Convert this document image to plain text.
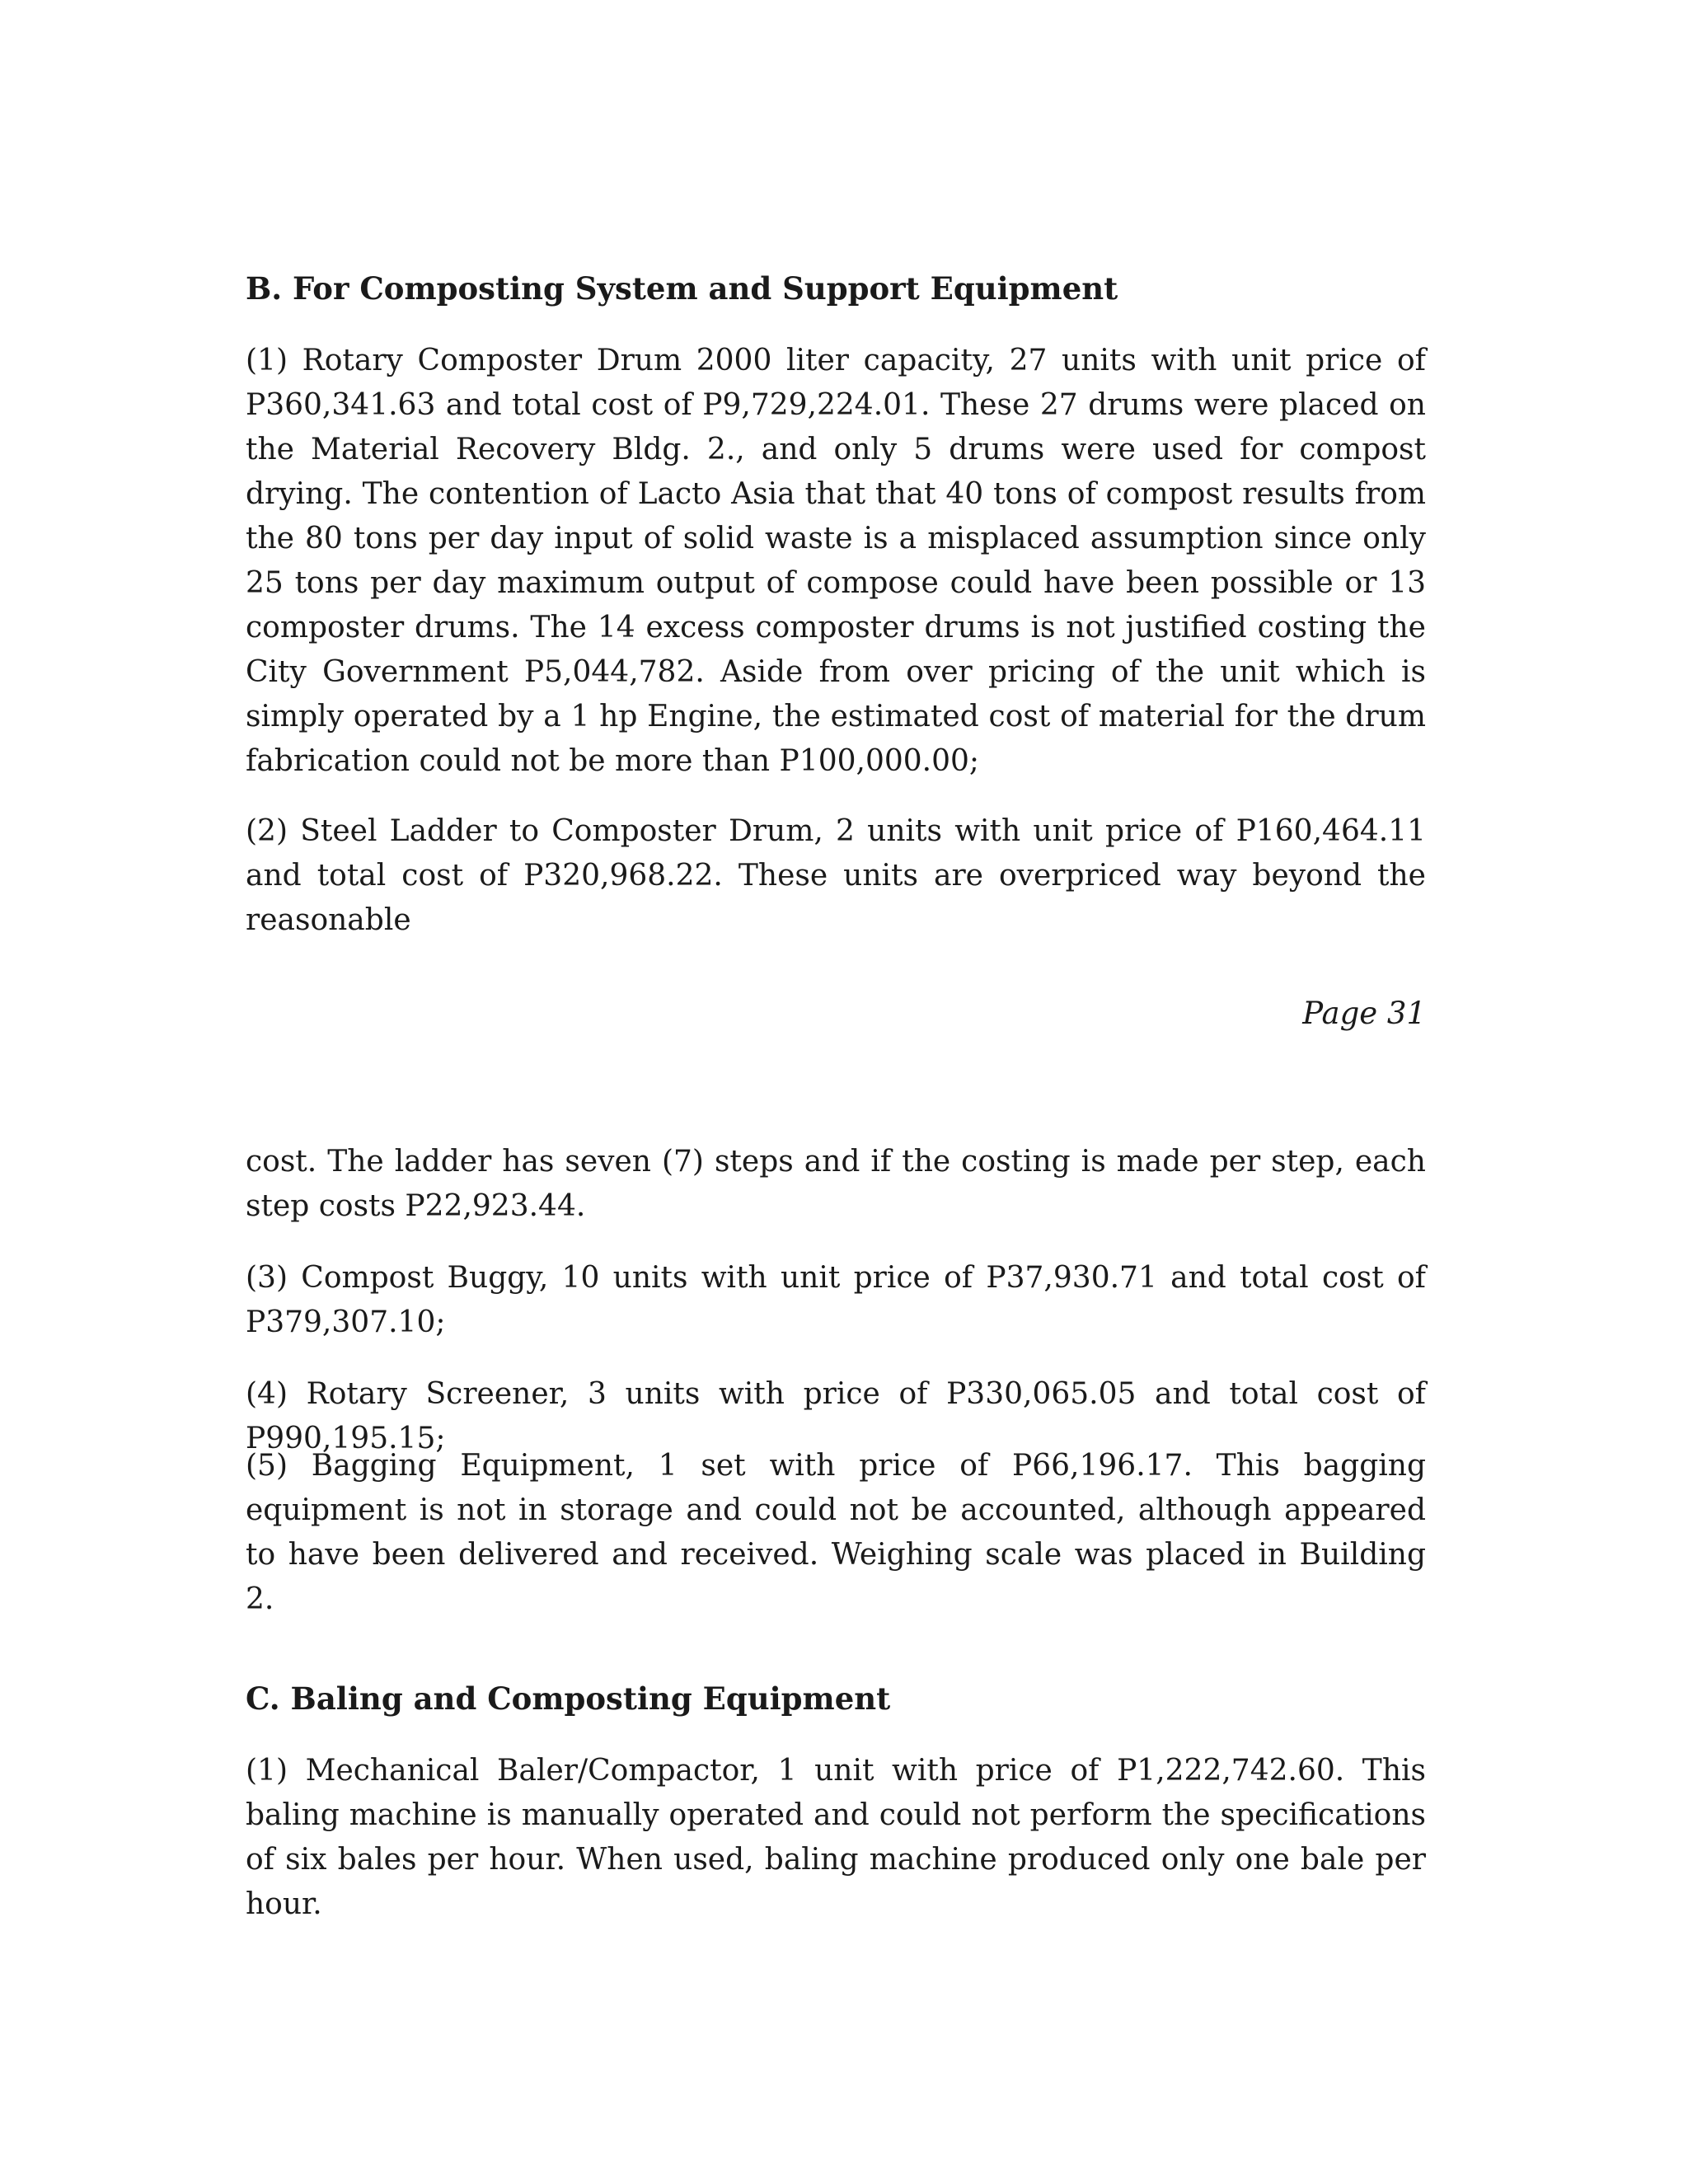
B. For Composting System and Support Equipment

(1) Rotary Composter Drum 2000 liter capacity, 27 units with unit price of P360,341.63 and total cost of P9,729,224.01. These 27 drums were placed on the Material Recovery Bldg. 2., and only 5 drums were used for compost drying. The contention of Lacto Asia that that 40 tons of compost results from the 80 tons per day input of solid waste is a misplaced assumption since only 25 tons per day maximum output of compose could have been possible or 13 composter drums. The 14 excess composter drums is not justified costing the City Government P5,044,782. Aside from over pricing of the unit which is simply operated by a 1 hp Engine, the estimated cost of material for the drum fabrication could not be more than P100,000.00;

(2) Steel Ladder to Composter Drum, 2 units with unit price of P160,464.11 and total cost of P320,968.22. These units are overpriced way beyond the reasonable

Page 31

cost. The ladder has seven (7) steps and if the costing is made per step, each step costs P22,923.44.

(3) Compost Buggy, 10 units with unit price of P37,930.71 and total cost of P379,307.10;

(4) Rotary Screener, 3 units with price of P330,065.05 and total cost of P990,195.15;

(5) Bagging Equipment, 1 set with price of P66,196.17. This bagging equipment is not in storage and could not be accounted, although appeared to have been delivered and received. Weighing scale was placed in Building 2.

C. Baling and Composting Equipment

(1) Mechanical Baler/Compactor, 1 unit with price of P1,222,742.60. This baling machine is manually operated and could not perform the specifications of six bales per hour. When used, baling machine produced only one bale per hour.
